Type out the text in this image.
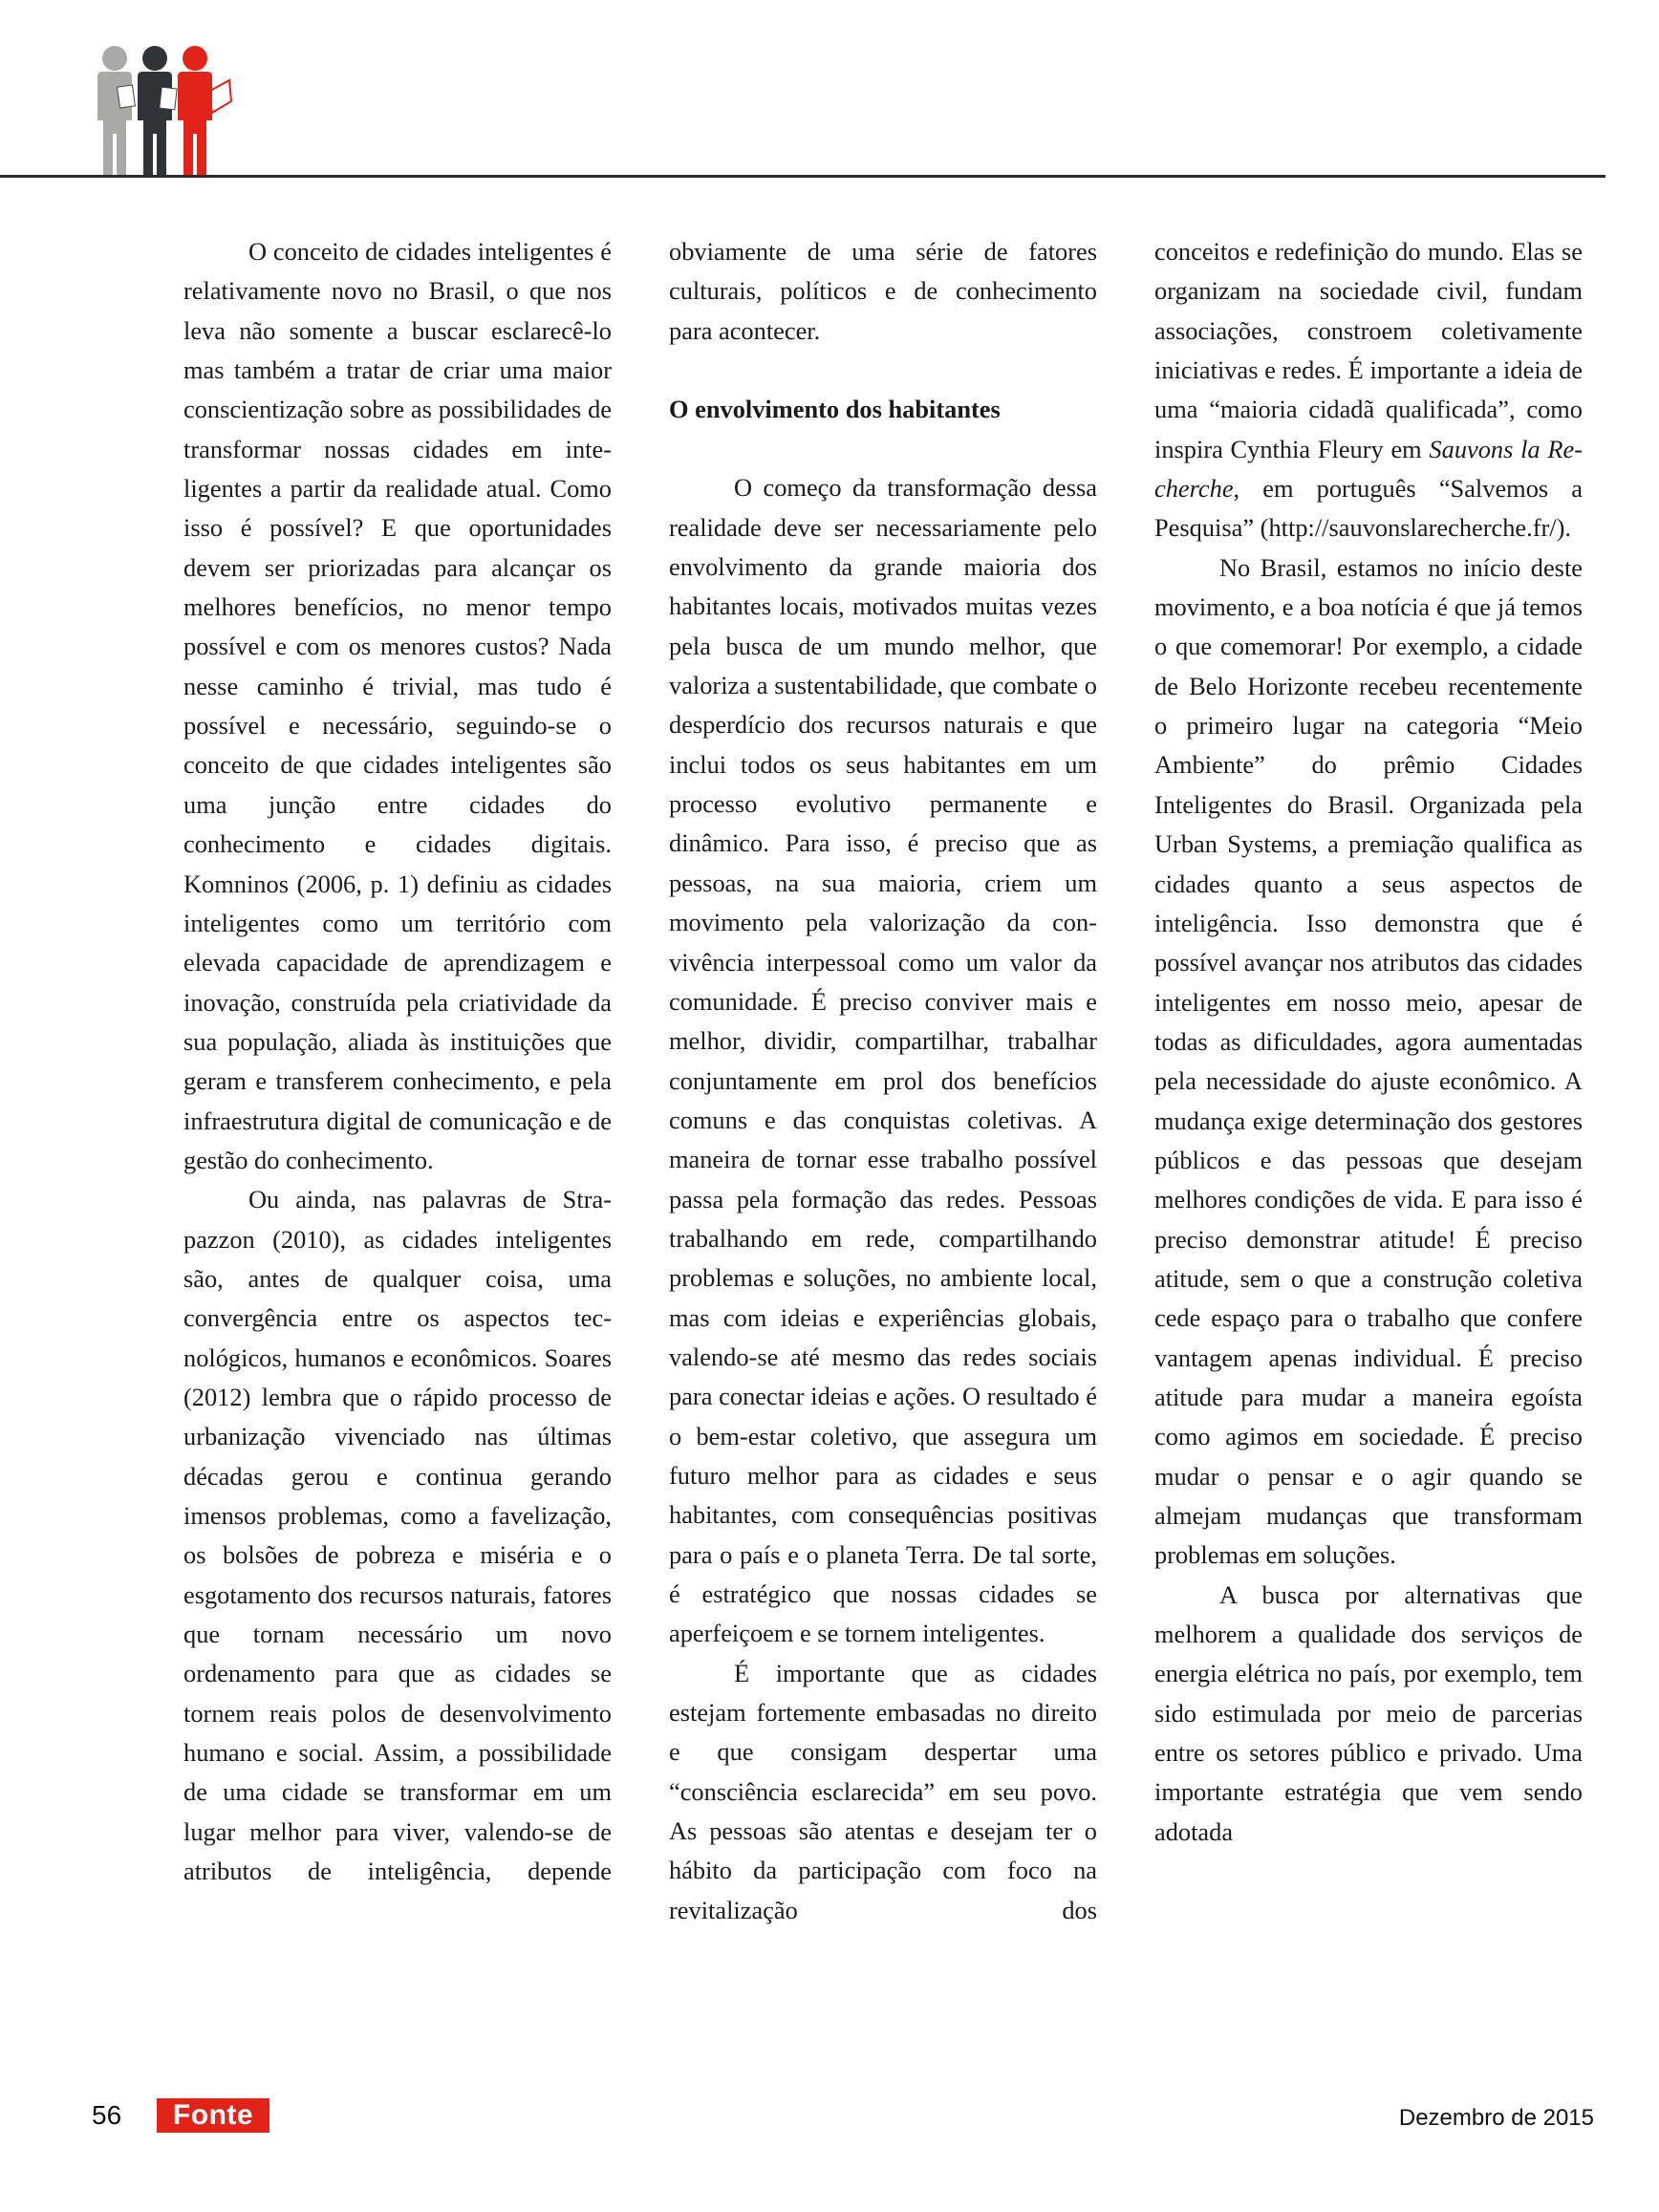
O conceito de cidades inteligentes é relativamente novo no Brasil, o que nos leva não somente a buscar esclarecê-lo mas também a tratar de criar uma maior conscientização sobre as possibilidades de transformar nossas cidades em inteligentes a partir da realidade atual. Como isso é possível? E que oportunidades devem ser priorizadas para alcançar os melhores benefícios, no menor tempo possível e com os menores custos? Nada nesse caminho é trivial, mas tudo é possível e necessário, seguindo-se o conceito de que cidades inteligentes são uma junção entre cidades do conhecimento e cidades digitais. Komninos (2006, p. 1) definiu as cidades inteligentes como um território com elevada capacidade de aprendizagem e inovação, construída pela criatividade da sua população, aliada às instituições que geram e transferem conhecimento, e pela infraestrutura digital de comunicação e de gestão do conhecimento.

Ou ainda, nas palavras de Strapazzon (2010), as cidades inteligentes são, antes de qualquer coisa, uma convergência entre os aspectos tecnológicos, humanos e econômicos. Soares (2012) lembra que o rápido processo de urbanização vivenciado nas últimas décadas gerou e continua gerando imensos problemas, como a favelização, os bolsões de pobreza e miséria e o esgotamento dos recursos naturais, fatores que tornam necessário um novo ordenamento para que as cidades se tornem reais polos de desenvolvimento humano e social. Assim, a possibilidade de uma cidade se transformar em um lugar melhor para viver, valendo-se de atributos de inteligência, depende

obviamente de uma série de fatores culturais, políticos e de conhecimento para acontecer.

O envolvimento dos habitantes

O começo da transformação dessa realidade deve ser necessariamente pelo envolvimento da grande maioria dos habitantes locais, motivados muitas vezes pela busca de um mundo melhor, que valoriza a sustentabilidade, que combate o desperdício dos recursos naturais e que inclui todos os seus habitantes em um processo evolutivo permanente e dinâmico. Para isso, é preciso que as pessoas, na sua maioria, criem um movimento pela valorização da convivência interpessoal como um valor da comunidade. É preciso conviver mais e melhor, dividir, compartilhar, trabalhar conjuntamente em prol dos benefícios comuns e das conquistas coletivas. A maneira de tornar esse trabalho possível passa pela formação das redes. Pessoas trabalhando em rede, compartilhando problemas e soluções, no ambiente local, mas com ideias e experiências globais, valendo-se até mesmo das redes sociais para conectar ideias e ações. O resultado é o bem-estar coletivo, que assegura um futuro melhor para as cidades e seus habitantes, com consequências positivas para o país e o planeta Terra. De tal sorte, é estratégico que nossas cidades se aperfeiçoem e se tornem inteligentes.

É importante que as cidades estejam fortemente embasadas no direito e que consigam despertar uma “consciência esclarecida” em seu povo. As pessoas são atentas e desejam ter o hábito da participação com foco na revitalização dos

conceitos e redefinição do mundo. Elas se organizam na sociedade civil, fundam associações, constroem coletivamente iniciativas e redes. É importante a ideia de uma “maioria cidadã qualificada”, como inspira Cynthia Fleury em Sauvons la Recherche, em português “Salvemos a Pesquisa” (http://sauvonslarecherche.fr/).

No Brasil, estamos no início deste movimento, e a boa notícia é que já temos o que comemorar! Por exemplo, a cidade de Belo Horizonte recebeu recentemente o primeiro lugar na categoria “Meio Ambiente” do prêmio Cidades Inteligentes do Brasil. Organizada pela Urban Systems, a premiação qualifica as cidades quanto a seus aspectos de inteligência. Isso demonstra que é possível avançar nos atributos das cidades inteligentes em nosso meio, apesar de todas as dificuldades, agora aumentadas pela necessidade do ajuste econômico. A mudança exige determinação dos gestores públicos e das pessoas que desejam melhores condições de vida. E para isso é preciso demonstrar atitude! É preciso atitude, sem o que a construção coletiva cede espaço para o trabalho que confere vantagem apenas individual. É preciso atitude para mudar a maneira egoísta como agimos em sociedade. É preciso mudar o pensar e o agir quando se almejam mudanças que transformam problemas em soluções.

A busca por alternativas que melhorem a qualidade dos serviços de energia elétrica no país, por exemplo, tem sido estimulada por meio de parcerias entre os setores público e privado. Uma importante estratégia que vem sendo adotada

56	Fonte	Dezembro de 2015
